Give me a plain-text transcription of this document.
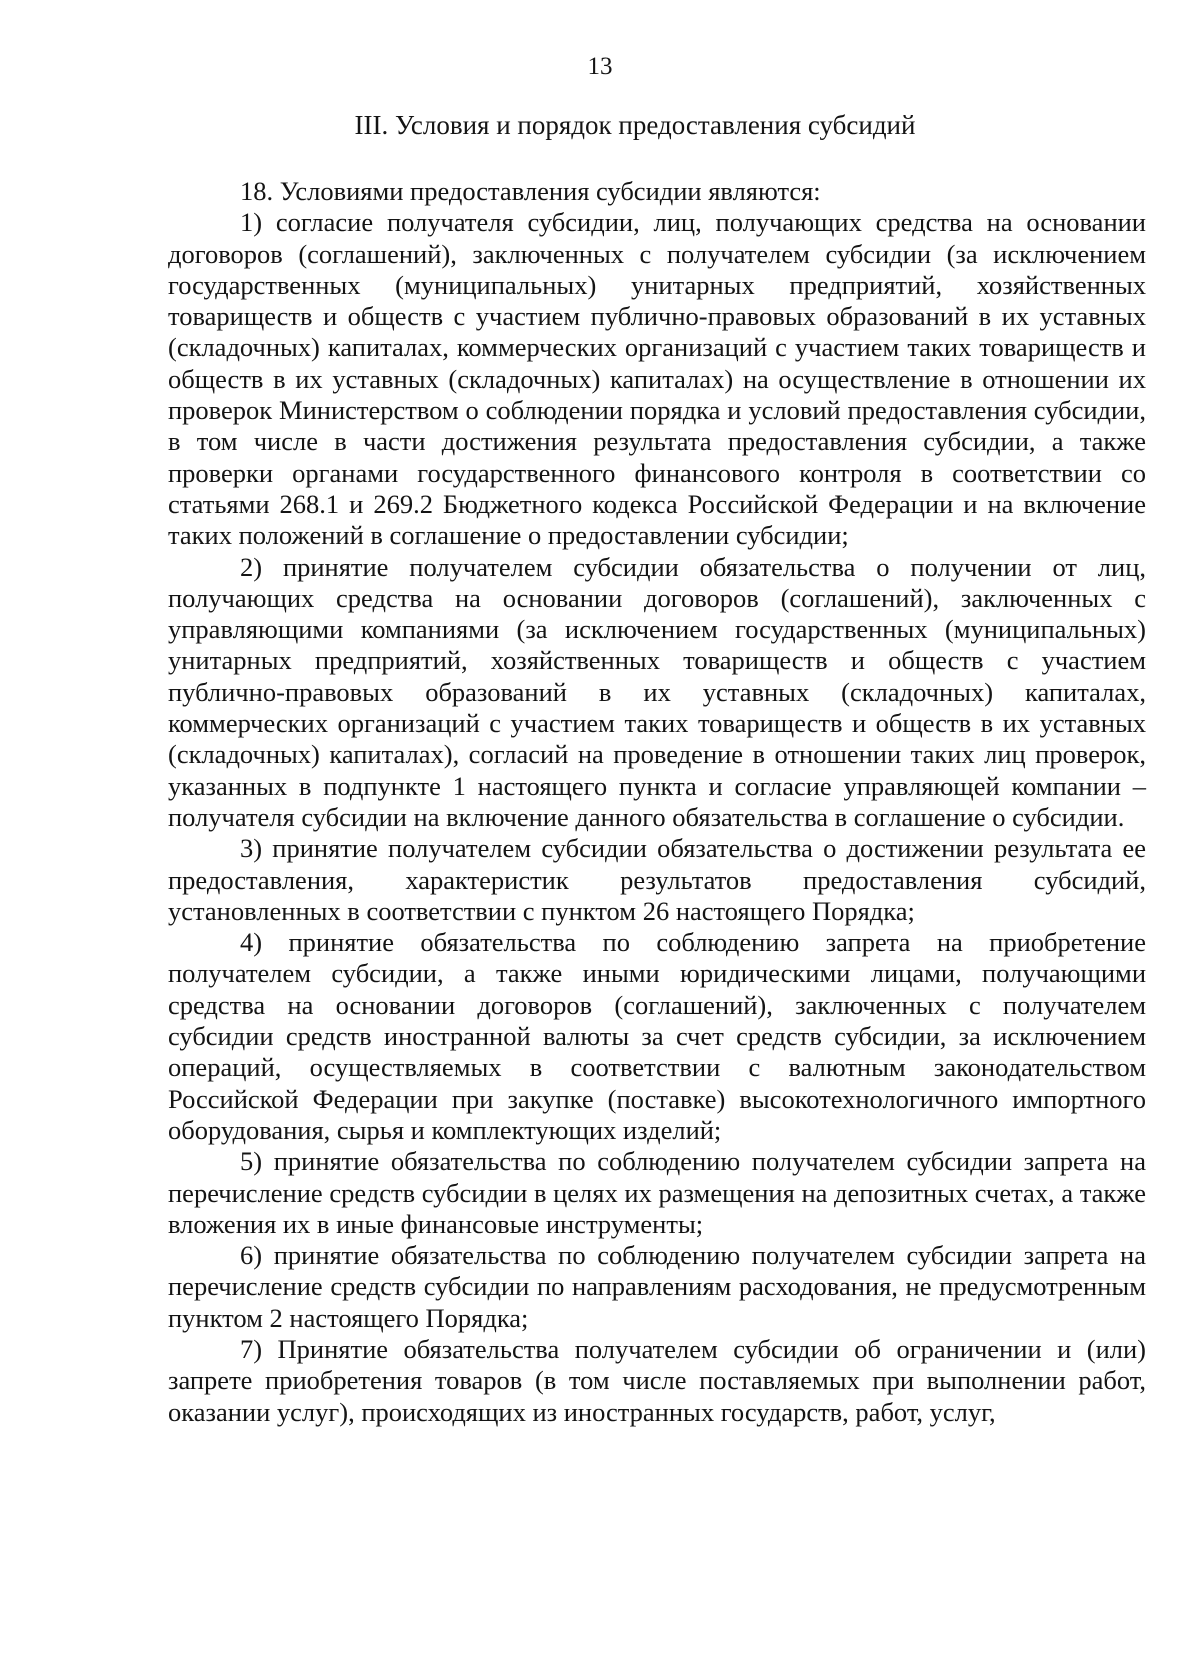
13
III. Условия и порядок предоставления субсидий

18. Условиями предоставления субсидии являются:

1) согласие получателя субсидии, лиц, получающих средства на основании договоров (соглашений), заключенных с получателем субсидии (за исключением государственных (муниципальных) унитарных предприятий, хозяйственных товариществ и обществ с участием публично-правовых образований в их уставных (складочных) капиталах, коммерческих организаций с участием таких товариществ и обществ в их уставных (складочных) капиталах) на осуществление в отношении их проверок Министерством о соблюдении порядка и условий предоставления субсидии, в том числе в части достижения результата предоставления субсидии, а также проверки органами государственного финансового контроля в соответствии со статьями 268.1 и 269.2 Бюджетного кодекса Российской Федерации и на включение таких положений в соглашение о предоставлении субсидии;

2) принятие получателем субсидии обязательства о получении от лиц, получающих средства на основании договоров (соглашений), заключенных с управляющими компаниями (за исключением государственных (муниципальных) унитарных предприятий, хозяйственных товариществ и обществ с участием публично-правовых образований в их уставных (складочных) капиталах, коммерческих организаций с участием таких товариществ и обществ в их уставных (складочных) капиталах), согласий на проведение в отношении таких лиц проверок, указанных в подпункте 1 настоящего пункта и согласие управляющей компании – получателя субсидии на включение данного обязательства в соглашение о субсидии.

3) принятие получателем субсидии обязательства о достижении результата ее предоставления, характеристик результатов предоставления субсидий, установленных в соответствии с пунктом 26 настоящего Порядка;

4) принятие обязательства по соблюдению запрета на приобретение получателем субсидии, а также иными юридическими лицами, получающими средства на основании договоров (соглашений), заключенных с получателем субсидии средств иностранной валюты за счет средств субсидии, за исключением операций, осуществляемых в соответствии с валютным законодательством Российской Федерации при закупке (поставке) высокотехнологичного импортного оборудования, сырья и комплектующих изделий;

5) принятие обязательства по соблюдению получателем субсидии запрета на перечисление средств субсидии в целях их размещения на депозитных счетах, а также вложения их в иные финансовые инструменты;

6) принятие обязательства по соблюдению получателем субсидии запрета на перечисление средств субсидии по направлениям расходования, не предусмотренным пунктом 2 настоящего Порядка;

7) Принятие обязательства получателем субсидии об ограничении и (или) запрете приобретения товаров (в том числе поставляемых при выполнении работ, оказании услуг), происходящих из иностранных государств, работ, услуг,
